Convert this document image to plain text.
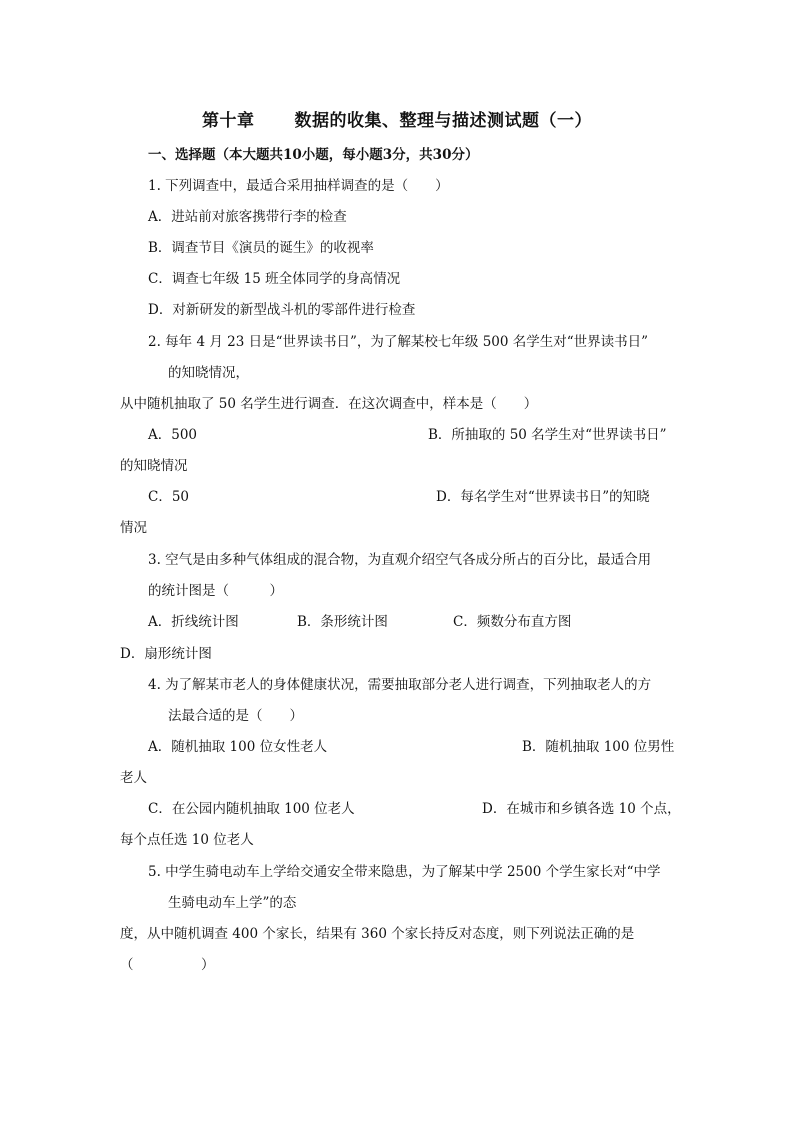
第十章 数据的收集、整理与描述测试题（一）
一、选择题（本大题共10小题，每小题3分，共30分）
1. 下列调查中，最适合采用抽样调查的是（　　）
A．进站前对旅客携带行李的检查
B．调查节目《演员的诞生》的收视率
C．调查七年级 15 班全体同学的身高情况
D．对新研发的新型战斗机的零部件进行检查
2. 每年 4 月 23 日是“世界读书日”，为了解某校七年级 500 名学生对“世界读书日”
的知晓情况，
从中随机抽取了 50 名学生进行调查．在这次调查中，样本是（　　）
A．500	B．所抽取的 50 名学生对“世界读书日”
的知晓情况
C．50	D．每名学生对“世界读书日”的知晓
情况
3. 空气是由多种气体组成的混合物，为直观介绍空气各成分所占的百分比，最适合用
的统计图是（　　　）
A．折线统计图	B．条形统计图	C．频数分布直方图
D．扇形统计图
4. 为了解某市老人的身体健康状况，需要抽取部分老人进行调查，下列抽取老人的方
法最合适的是（　　）
A．随机抽取 100 位女性老人	B．随机抽取 100 位男性
老人
C．在公园内随机抽取 100 位老人	D．在城市和乡镇各选 10 个点，
每个点任选 10 位老人
5. 中学生骑电动车上学给交通安全带来隐患，为了解某中学 2500 个学生家长对“中学
生骑电动车上学”的态
度，从中随机调查 400 个家长，结果有 360 个家长持反对态度，则下列说法正确的是
（　　　　　）
